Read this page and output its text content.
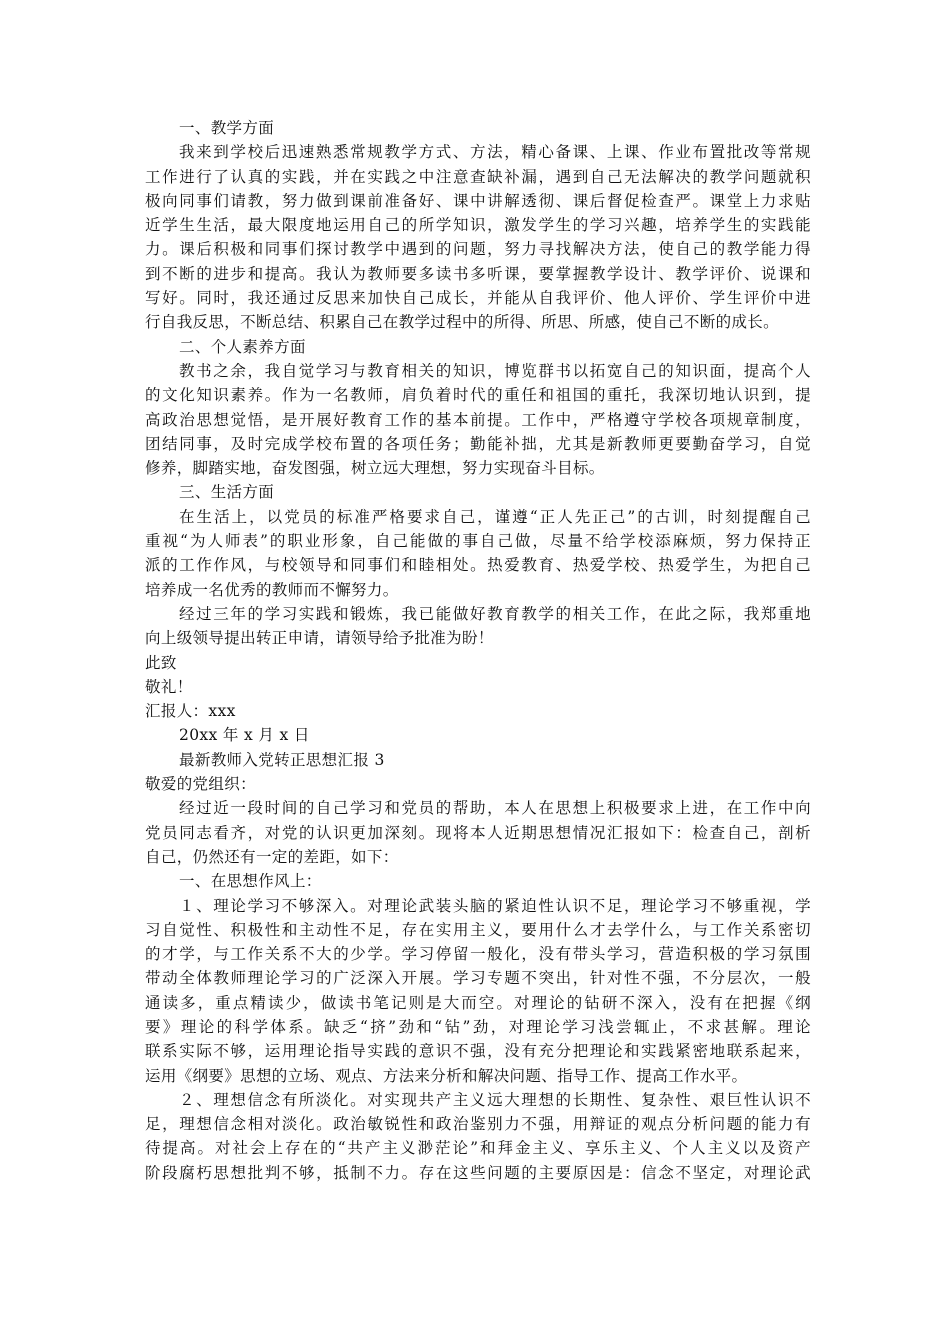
一、教学方面
我来到学校后迅速熟悉常规教学方式、方法，精心备课、上课、作业布置批改等常规
工作进行了认真的实践，并在实践之中注意查缺补漏，遇到自己无法解决的教学问题就积
极向同事们请教，努力做到课前准备好、课中讲解透彻、课后督促检查严。课堂上力求贴
近学生生活，最大限度地运用自己的所学知识，激发学生的学习兴趣，培养学生的实践能
力。课后积极和同事们探讨教学中遇到的问题，努力寻找解决方法，使自己的教学能力得
到不断的进步和提高。我认为教师要多读书多听课，要掌握教学设计、教学评价、说课和
写好。同时，我还通过反思来加快自己成长，并能从自我评价、他人评价、学生评价中进
行自我反思，不断总结、积累自己在教学过程中的所得、所思、所感，使自己不断的成长。
二、个人素养方面
教书之余，我自觉学习与教育相关的知识，博览群书以拓宽自己的知识面，提高个人
的文化知识素养。作为一名教师，肩负着时代的重任和祖国的重托，我深切地认识到，提
高政治思想觉悟，是开展好教育工作的基本前提。工作中，严格遵守学校各项规章制度，
团结同事，及时完成学校布置的各项任务；勤能补拙，尤其是新教师更要勤奋学习，自觉
修养，脚踏实地，奋发图强，树立远大理想，努力实现奋斗目标。
三、生活方面
在生活上，以党员的标准严格要求自己，谨遵“正人先正己”的古训，时刻提醒自己
重视“为人师表”的职业形象，自己能做的事自己做，尽量不给学校添麻烦，努力保持正
派的工作作风，与校领导和同事们和睦相处。热爱教育、热爱学校、热爱学生，为把自己
培养成一名优秀的教师而不懈努力。
经过三年的学习实践和锻炼，我已能做好教育教学的相关工作，在此之际，我郑重地
向上级领导提出转正申请，请领导给予批准为盼！
此致
敬礼！
汇报人：xxx
20xx 年 x 月 x 日
最新教师入党转正思想汇报 3
敬爱的党组织：
经过近一段时间的自己学习和党员的帮助，本人在思想上积极要求上进，在工作中向
党员同志看齐，对党的认识更加深刻。现将本人近期思想情况汇报如下：检查自己，剖析
自己，仍然还有一定的差距，如下：
一、在思想作风上：
１、理论学习不够深入。对理论武装头脑的紧迫性认识不足，理论学习不够重视，学
习自觉性、积极性和主动性不足，存在实用主义，要用什么才去学什么，与工作关系密切
的才学，与工作关系不大的少学。学习停留一般化，没有带头学习，营造积极的学习氛围
带动全体教师理论学习的广泛深入开展。学习专题不突出，针对性不强，不分层次，一般
通读多，重点精读少，做读书笔记则是大而空。对理论的钻研不深入，没有在把握《纲
要》理论的科学体系。缺乏“挤”劲和“钻”劲，对理论学习浅尝辄止，不求甚解。理论
联系实际不够，运用理论指导实践的意识不强，没有充分把理论和实践紧密地联系起来，
运用《纲要》思想的立场、观点、方法来分析和解决问题、指导工作、提高工作水平。
２、理想信念有所淡化。对实现共产主义远大理想的长期性、复杂性、艰巨性认识不
足，理想信念相对淡化。政治敏锐性和政治鉴别力不强，用辩证的观点分析问题的能力有
待提高。对社会上存在的“共产主义渺茫论”和拜金主义、享乐主义、个人主义以及资产
阶段腐朽思想批判不够，抵制不力。存在这些问题的主要原因是：信念不坚定，对理论武
